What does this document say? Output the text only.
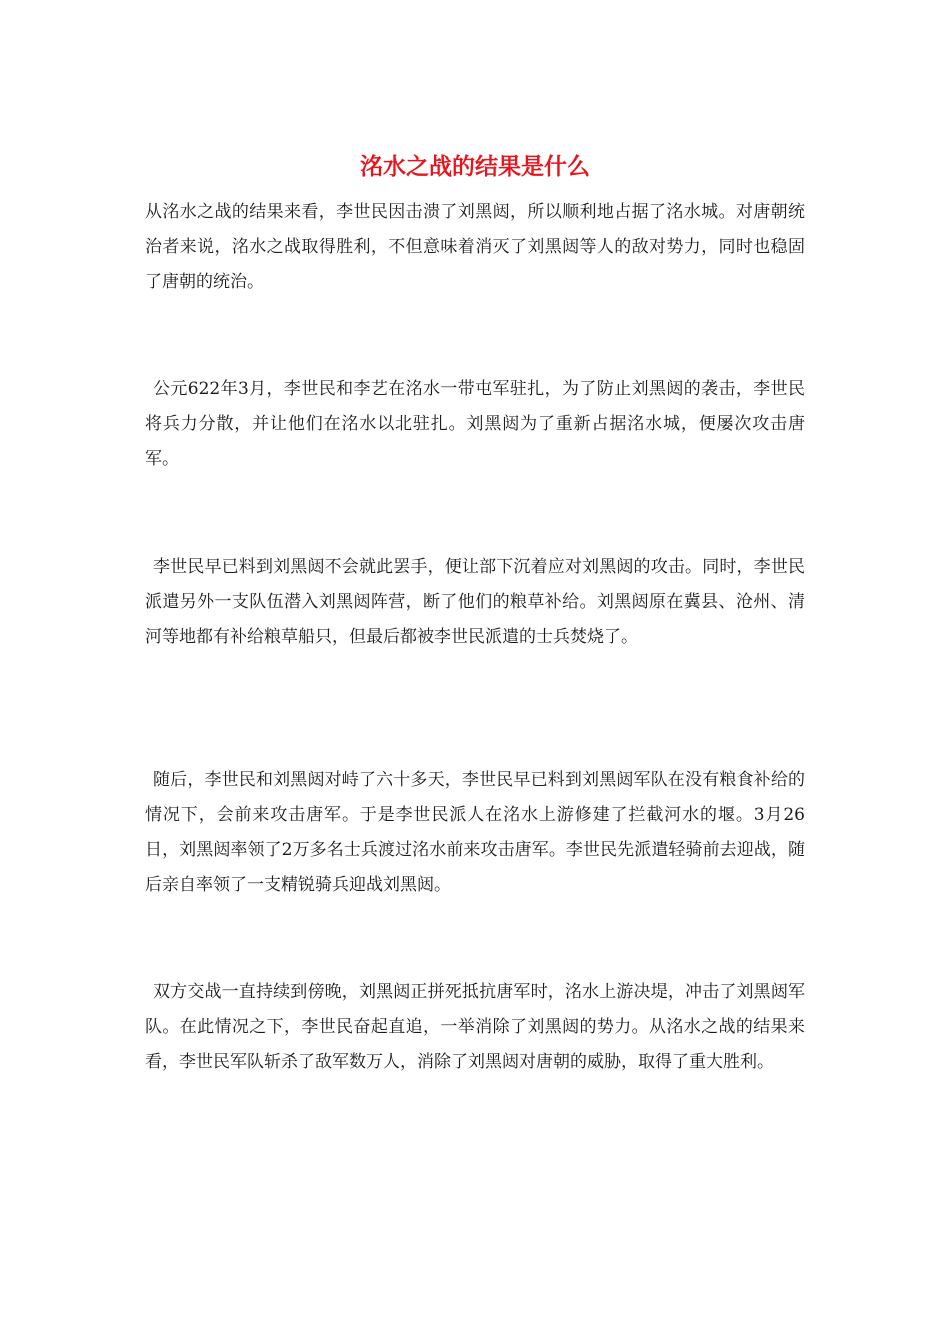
洺水之战的结果是什么

从洺水之战的结果来看，李世民因击溃了刘黑闼，所以顺利地占据了洺水城。对唐朝统治者来说，洺水之战取得胜利，不但意味着消灭了刘黑闼等人的敌对势力，同时也稳固了唐朝的统治。

公元622年3月，李世民和李艺在洺水一带屯军驻扎，为了防止刘黑闼的袭击，李世民将兵力分散，并让他们在洺水以北驻扎。刘黑闼为了重新占据洺水城，便屡次攻击唐军。

李世民早已料到刘黑闼不会就此罢手，便让部下沉着应对刘黑闼的攻击。同时，李世民派遣另外一支队伍潜入刘黑闼阵营，断了他们的粮草补给。刘黑闼原在冀县、沧州、清河等地都有补给粮草船只，但最后都被李世民派遣的士兵焚烧了。

随后，李世民和刘黑闼对峙了六十多天，李世民早已料到刘黑闼军队在没有粮食补给的情况下，会前来攻击唐军。于是李世民派人在洺水上游修建了拦截河水的堰。3月26日，刘黑闼率领了2万多名士兵渡过洺水前来攻击唐军。李世民先派遣轻骑前去迎战，随后亲自率领了一支精锐骑兵迎战刘黑闼。

双方交战一直持续到傍晚，刘黑闼正拼死抵抗唐军时，洺水上游决堤，冲击了刘黑闼军队。在此情况之下，李世民奋起直追，一举消除了刘黑闼的势力。从洺水之战的结果来看，李世民军队斩杀了敌军数万人，消除了刘黑闼对唐朝的威胁，取得了重大胜利。
